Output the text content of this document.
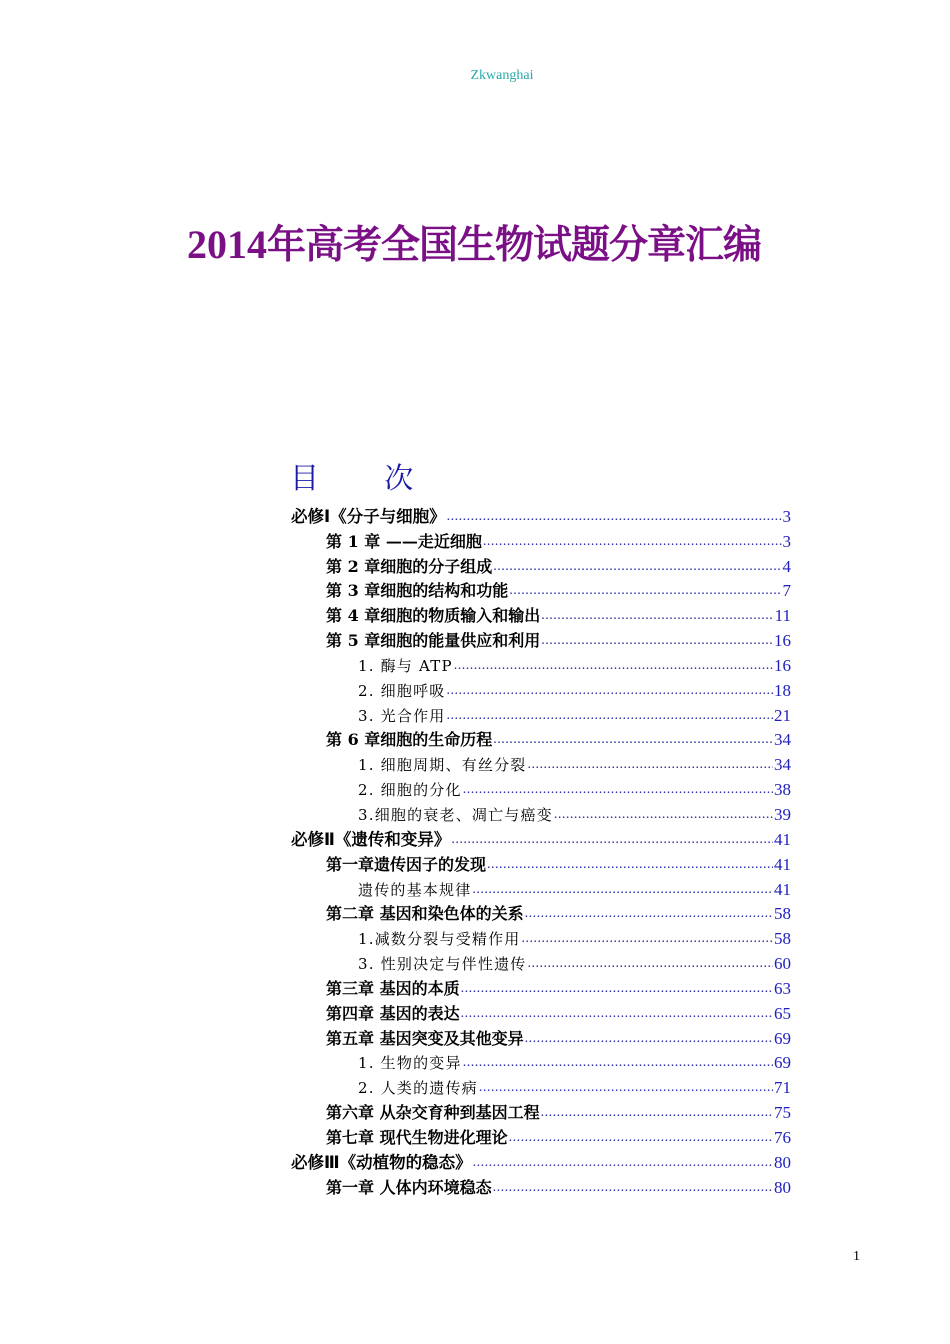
Zkwanghai
2014年高考全国生物试题分章汇编
目 次
必修Ⅰ《分子与细胞》 .....	3
第 1 章 ——走近细胞 .....	3
第 2 章细胞的分子组成 .....	4
第 3 章细胞的结构和功能 .....	7
第 4 章细胞的物质输入和输出 .....	11
第 5 章细胞的能量供应和利用 .....	16
1. 酶与 ATP .....	16
2. 细胞呼吸 .....	18
3. 光合作用 .....	21
第 6 章细胞的生命历程 .....	34
1. 细胞周期、有丝分裂 .....	34
2. 细胞的分化 .....	38
3.细胞的衰老、凋亡与癌变 .....	39
必修Ⅱ《遗传和变异》 .....	41
第一章遗传因子的发现 .....	41
遗传的基本规律 .....	41
第二章 基因和染色体的关系 .....	58
1.减数分裂与受精作用 .....	58
3. 性别决定与伴性遗传 .....	60
第三章 基因的本质 .....	63
第四章 基因的表达 .....	65
第五章 基因突变及其他变异 .....	69
1. 生物的变异 .....	69
2. 人类的遗传病 .....	71
第六章 从杂交育种到基因工程 .....	75
第七章 现代生物进化理论 .....	76
必修Ⅲ《动植物的稳态》 .....	80
第一章 人体内环境稳态 .....	80
1
